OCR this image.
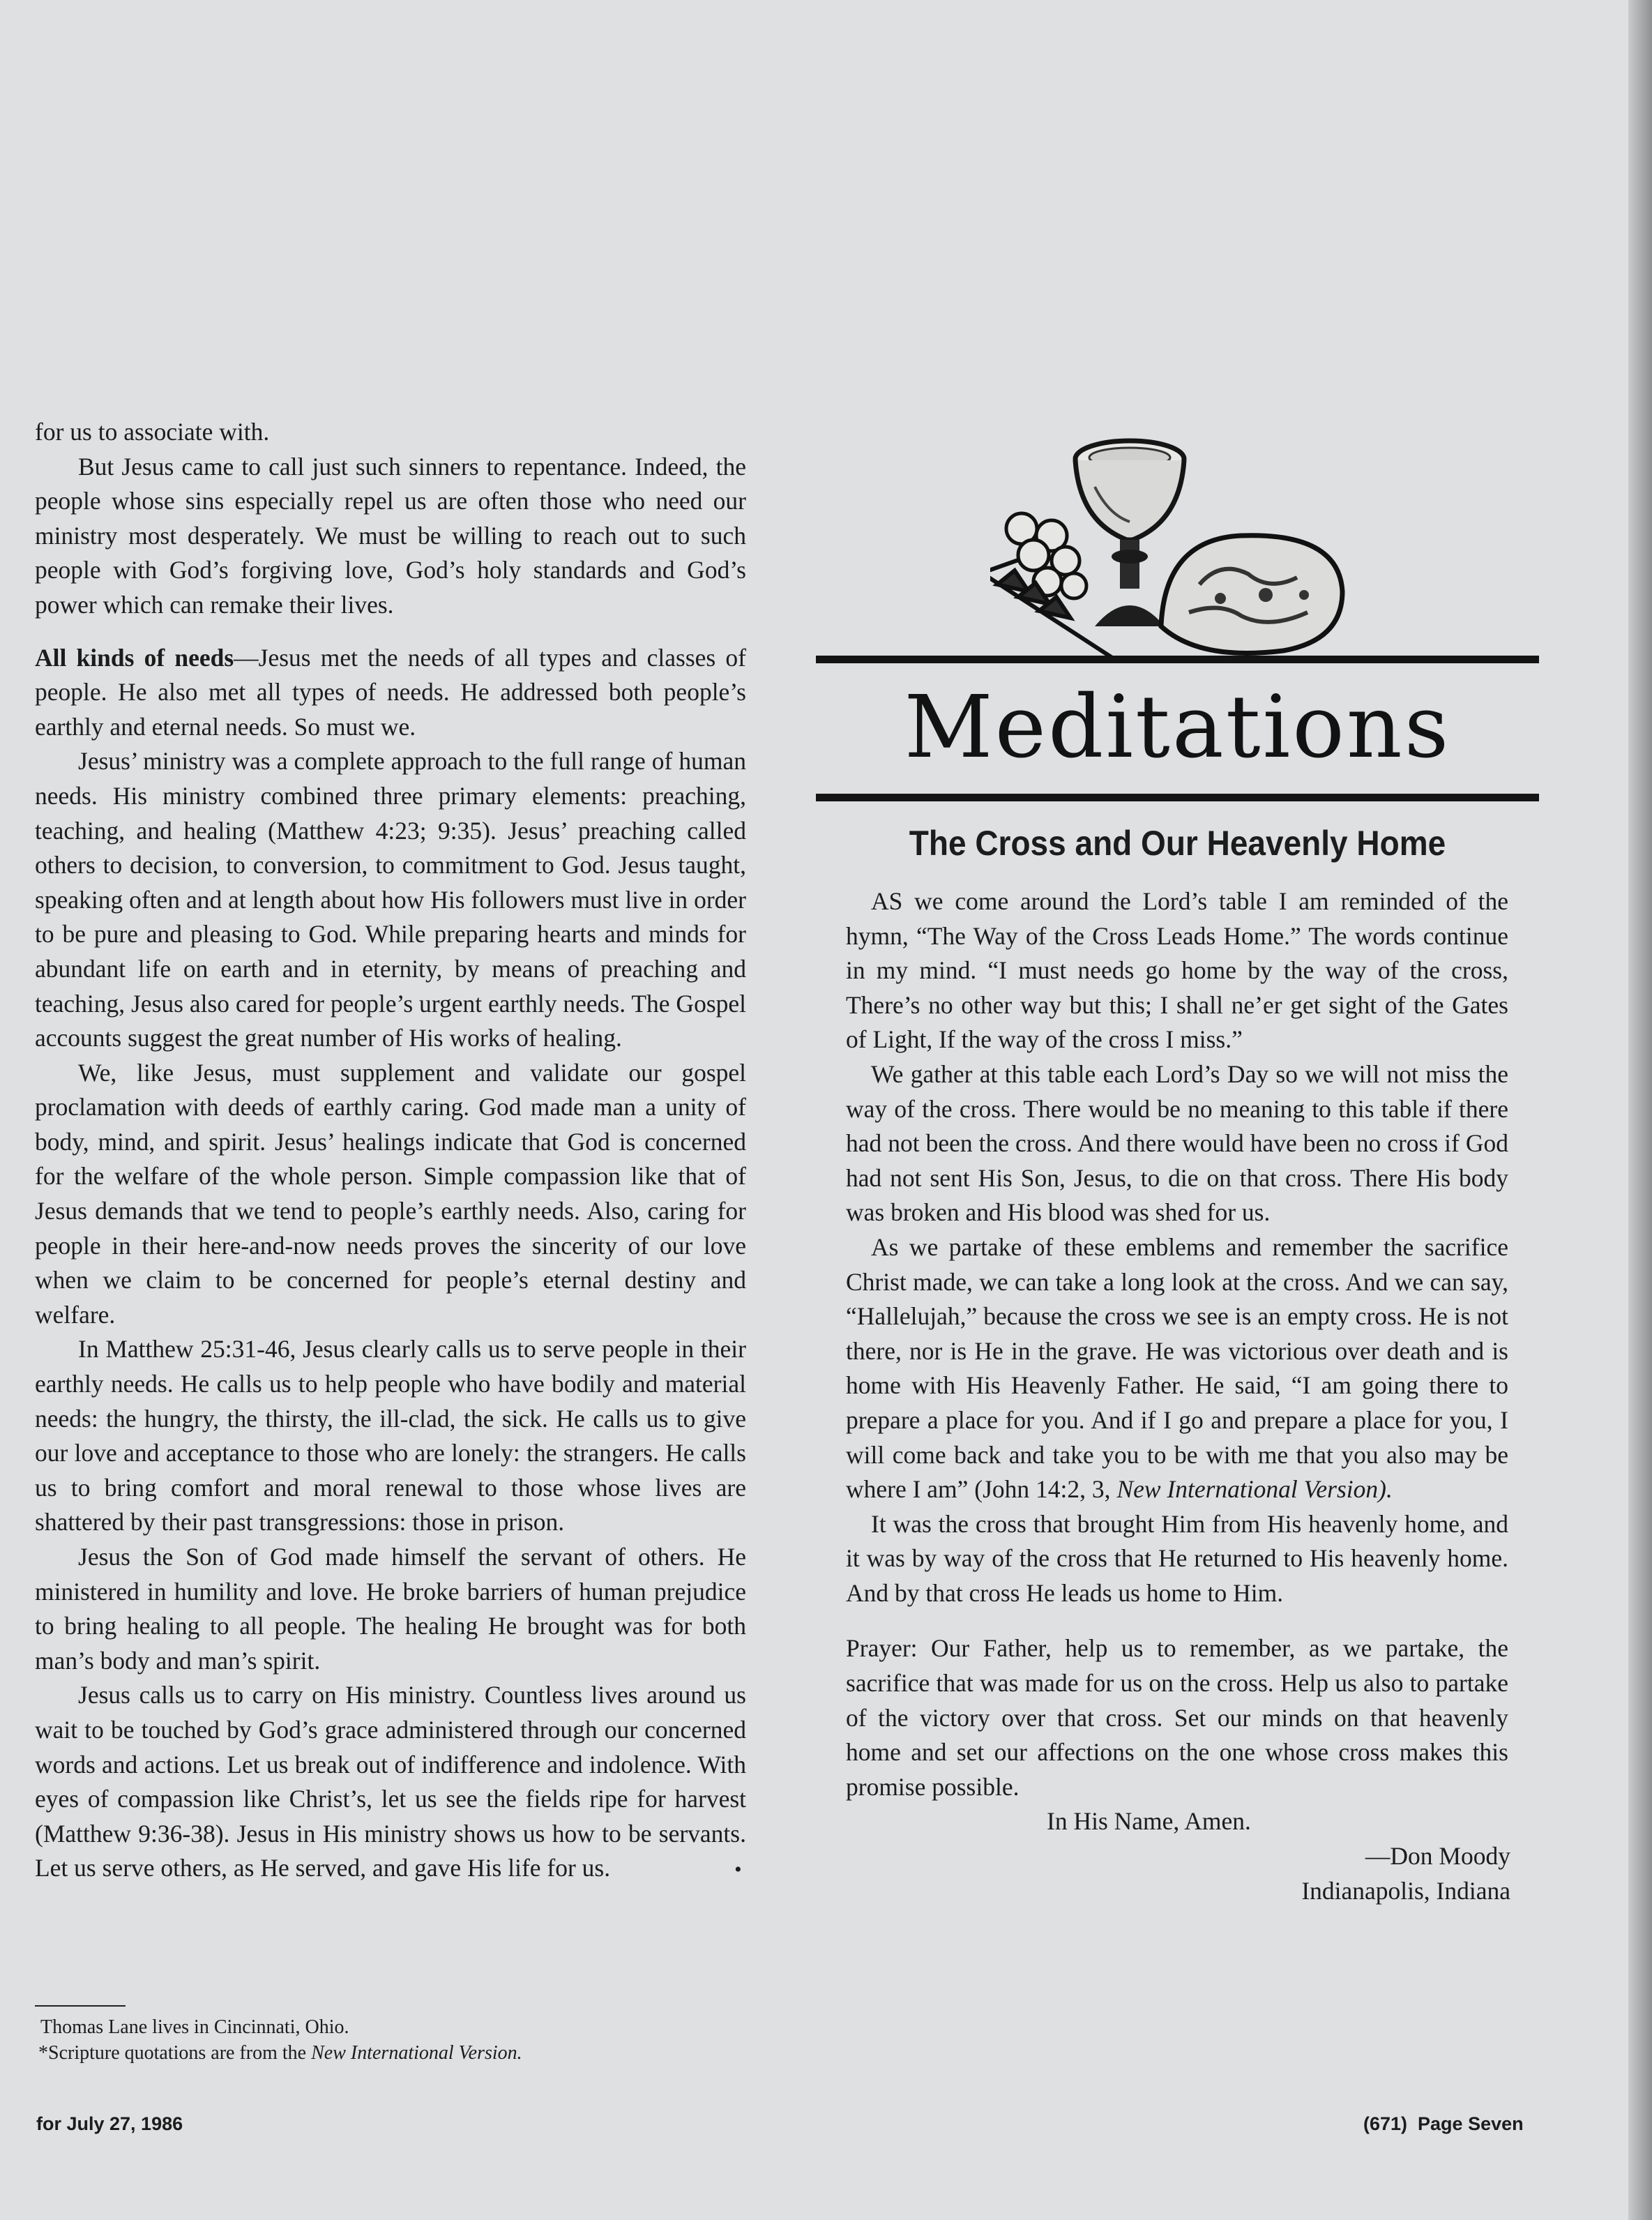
for us to associate with.

But Jesus came to call just such sinners to repentance. Indeed, the people whose sins especially repel us are often those who need our ministry most desperately. We must be willing to reach out to such people with God’s forgiving love, God’s holy standards and God’s power which can remake their lives.

All kinds of needs—Jesus met the needs of all types and classes of people. He also met all types of needs. He addressed both people’s earthly and eternal needs. So must we.

Jesus’ ministry was a complete approach to the full range of human needs. His ministry combined three primary elements: preaching, teaching, and healing (Matthew 4:23; 9:35). Jesus’ preaching called others to decision, to conversion, to commitment to God. Jesus taught, speaking often and at length about how His followers must live in order to be pure and pleasing to God. While preparing hearts and minds for abundant life on earth and in eternity, by means of preaching and teaching, Jesus also cared for people’s urgent earthly needs. The Gospel accounts suggest the great number of His works of healing.

We, like Jesus, must supplement and validate our gospel proclamation with deeds of earthly caring. God made man a unity of body, mind, and spirit. Jesus’ healings indicate that God is concerned for the welfare of the whole person. Simple compassion like that of Jesus demands that we tend to people’s earthly needs. Also, caring for people in their here-and-now needs proves the sincerity of our love when we claim to be concerned for people’s eternal destiny and welfare.

In Matthew 25:31-46, Jesus clearly calls us to serve people in their earthly needs. He calls us to help people who have bodily and material needs: the hungry, the thirsty, the ill-clad, the sick. He calls us to give our love and acceptance to those who are lonely: the strangers. He calls us to bring comfort and moral renewal to those whose lives are shattered by their past transgressions: those in prison.

Jesus the Son of God made himself the servant of others. He ministered in humility and love. He broke barriers of human prejudice to bring healing to all people. The healing He brought was for both man’s body and man’s spirit.

Jesus calls us to carry on His ministry. Countless lives around us wait to be touched by God’s grace administered through our concerned words and actions. Let us break out of indifference and indolence. With eyes of compassion like Christ’s, let us see the fields ripe for harvest (Matthew 9:36-38). Jesus in His ministry shows us how to be servants. Let us serve others, as He served, and gave His life for us.	•

Thomas Lane lives in Cincinnati, Ohio.
*Scripture quotations are from the New International Version.
for July 27, 1986	(671)  Page Seven
Meditations
The Cross and Our Heavenly Home

AS we come around the Lord’s table I am reminded of the hymn, “The Way of the Cross Leads Home.” The words continue in my mind. “I must needs go home by the way of the cross, There’s no other way but this; I shall ne’er get sight of the Gates of Light, If the way of the cross I miss.”

We gather at this table each Lord’s Day so we will not miss the way of the cross. There would be no meaning to this table if there had not been the cross. And there would have been no cross if God had not sent His Son, Jesus, to die on that cross. There His body was broken and His blood was shed for us.

As we partake of these emblems and remember the sacrifice Christ made, we can take a long look at the cross. And we can say, “Hallelujah,” because the cross we see is an empty cross. He is not there, nor is He in the grave. He was victorious over death and is home with His Heavenly Father. He said, “I am going there to prepare a place for you. And if I go and prepare a place for you, I will come back and take you to be with me that you also may be where I am” (John 14:2, 3, New International Version).

It was the cross that brought Him from His heavenly home, and it was by way of the cross that He returned to His heavenly home. And by that cross He leads us home to Him.

Prayer: Our Father, help us to remember, as we partake, the sacrifice that was made for us on the cross. Help us also to partake of the victory over that cross. Set our minds on that heavenly home and set our affections on the one whose cross makes this promise possible.

In His Name, Amen.
—Don Moody
Indianapolis, Indiana
